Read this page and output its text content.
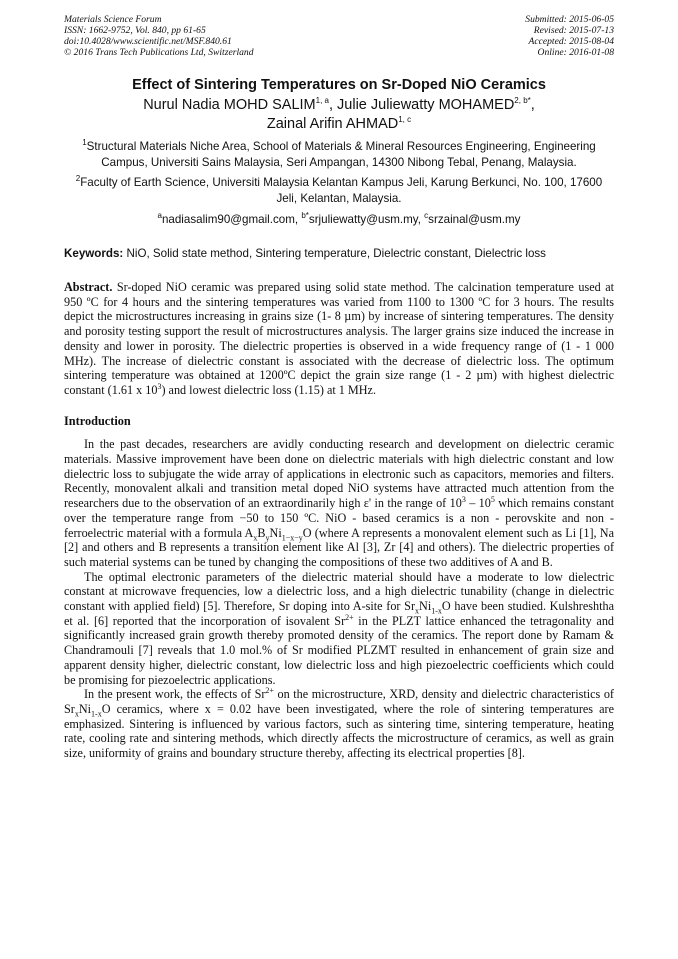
Materials Science Forum
ISSN: 1662-9752, Vol. 840, pp 61-65
doi:10.4028/www.scientific.net/MSF.840.61
© 2016 Trans Tech Publications Ltd, Switzerland
Submitted: 2015-06-05
Revised: 2015-07-13
Accepted: 2015-08-04
Online: 2016-01-08
Effect of Sintering Temperatures on Sr-Doped NiO Ceramics
Nurul Nadia MOHD SALIM$^{1, a}$, Julie Juliewatty $MOHAMED^{2, b*}$,
Zainal Arifin AHMAD$^{1, c}$
$^1$Structural Materials Niche Area, School of Materials & Mineral Resources Engineering, Engineering Campus, Universiti Sains Malaysia, Seri Ampangan, 14300 Nibong Tebal, Penang, Malaysia.
$^2$Faculty of Earth Science, Universiti Malaysia Kelantan Kampus Jeli, Karung Berkunci, No. 100, 17600 Jeli, Kelantan, Malaysia.
$^a$nadiasalim90@gmail.com, $^{b*}$srjuliewatty@usm.my, $^c$srzainal@usm.my
Keywords: NiO, Solid state method, Sintering temperature, Dielectric constant, Dielectric loss
Abstract. Sr-doped NiO ceramic was prepared using solid state method. The calcination temperature used at 950 ºC for 4 hours and the sintering temperatures was varied from 1100 to 1300 ºC for 3 hours. The results depict the microstructures increasing in grains size (1- 8 µm) by increase of sintering temperatures. The density and porosity testing support the result of microstructures analysis. The larger grains size induced the increase in density and lower in porosity. The dielectric properties is observed in a wide frequency range of (1 - 1 000 MHz). The increase of dielectric constant is associated with the decrease of dielectric loss. The optimum sintering temperature was obtained at 1200ºC depict the grain size range (1 - 2 µm) with highest dielectric constant (1.61 x $10^3$) and lowest dielectric loss (1.15) at 1 MHz.
Introduction

In the past decades, researchers are avidly conducting research and development on dielectric ceramic materials. Massive improvement have been done on dielectric materials with high dielectric constant and low dielectric loss to subjugate the wide array of applications in electronic such as capacitors, memories and filters. Recently, monovalent alkali and transition metal doped NiO systems have attracted much attention from the researchers due to the observation of an extraordinarily high ε' in the range of $10^3 - 10^5$ which remains constant over the temperature range from −50 to 150 ºC. NiO - based ceramics is a non - perovskite and non - ferroelectric material with a formula $A_xB_yNi_{1-x-y}O$ (where A represents a monovalent element such as Li [1], Na [2] and others and B represents a transition element like Al [3], Zr [4] and others). The dielectric properties of such material systems can be tuned by changing the compositions of these two additives of A and B.

The optimal electronic parameters of the dielectric material should have a moderate to low dielectric constant at microwave frequencies, low a dielectric loss, and a high dielectric tunability (change in dielectric constant with applied field) [5]. Therefore, Sr doping into A-site for $Sr_xNi_{1-x}O$ have been studied. Kulshreshtha et al. [6] reported that the incorporation of isovalent $Sr^{2+}$ in the PLZT lattice enhanced the tetragonality and significantly increased grain growth thereby promoted density of the ceramics. The report done by Ramam & Chandramouli [7] reveals that 1.0 mol.% of Sr modified PLZMT resulted in enhancement of grain size and apparent density higher, dielectric constant, low dielectric loss and high piezoelectric coefficients which could be promising for piezoelectric applications.

In the present work, the effects of $Sr^{2+}$ on the microstructure, XRD, density and dielectric characteristics of $Sr_xNi_{1-x}O$ ceramics, where x = 0.02 have been investigated, where the role of sintering temperatures are emphasized. Sintering is influenced by various factors, such as sintering time, sintering temperature, heating rate, cooling rate and sintering methods, which directly affects the microstructure of ceramics, as well as grain size, uniformity of grains and boundary structure thereby, affecting its electrical properties [8].
